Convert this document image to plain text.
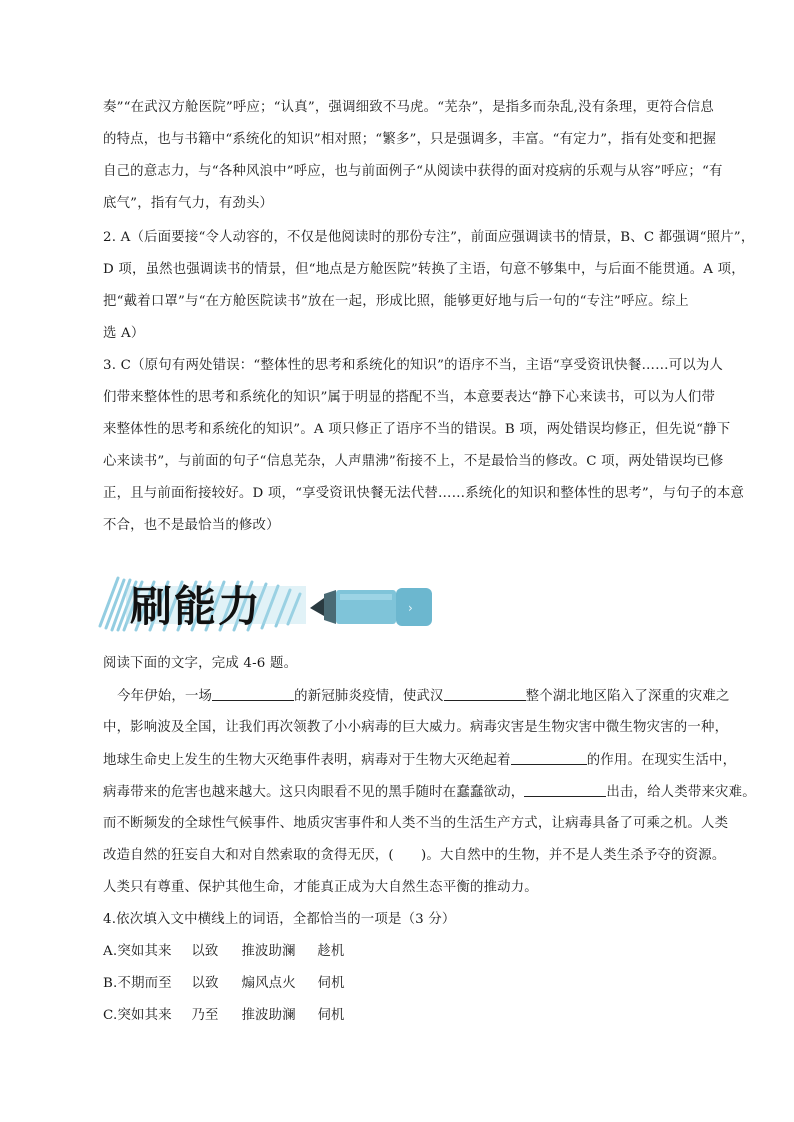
奏”“在武汉方舱医院”呼应；“认真”，强调细致不马虎。“芜杂”，是指多而杂乱,没有条理，更符合信息
的特点，也与书籍中“系统化的知识”相对照；“繁多”，只是强调多，丰富。“有定力”，指有处变和把握
自己的意志力，与“各种风浪中”呼应，也与前面例子“从阅读中获得的面对疫病的乐观与从容”呼应；“有
底气”，指有气力，有劲头）
2. A（后面要接“令人动容的，不仅是他阅读时的那份专注”，前面应强调读书的情景，B、C 都强调“照片”，
D 项，虽然也强调读书的情景，但“地点是方舱医院”转换了主语，句意不够集中，与后面不能贯通。A 项，
把“戴着口罩”与“在方舱医院读书”放在一起，形成比照，能够更好地与后一句的“专注”呼应。综上
选 A）
3. C（原句有两处错误：“整体性的思考和系统化的知识”的语序不当，主语“享受资讯快餐……可以为人
们带来整体性的思考和系统化的知识”属于明显的搭配不当，本意要表达“静下心来读书，可以为人们带
来整体性的思考和系统化的知识”。A 项只修正了语序不当的错误。B 项，两处错误均修正，但先说“静下
心来读书”，与前面的句子“信息芜杂，人声鼎沸”衔接不上，不是最恰当的修改。C 项，两处错误均已修
正，且与前面衔接较好。D 项，“享受资讯快餐无法代替……系统化的知识和整体性的思考”，与句子的本意
不合，也不是最恰当的修改）
›
刷能力
阅读下面的文字，完成 4-6 题。
今年伊始，一场	的新冠肺炎疫情，使武汉	整个湖北地区陷入了深重的灾难之
中，影响波及全国，让我们再次领教了小小病毒的巨大威力。病毒灾害是生物灾害中微生物灾害的一种，
地球生命史上发生的生物大灭绝事件表明，病毒对于生物大灭绝起着	的作用。在现实生活中，
病毒带来的危害也越来越大。这只肉眼看不见的黑手随时在蠢蠢欲动，	出击，给人类带来灾难。
而不断频发的全球性气候事件、地质灾害事件和人类不当的生活生产方式，让病毒具备了可乘之机。人类
改造自然的狂妄自大和对自然索取的贪得无厌，(　　)。大自然中的生物，并不是人类生杀予夺的资源。
人类只有尊重、保护其他生命，才能真正成为大自然生态平衡的推动力。
4.依次填入文中横线上的词语，全都恰当的一项是（3 分）
A.突如其来 以致 推波助澜 趁机
B.不期而至 以致 煽风点火 伺机
C.突如其来 乃至 推波助澜 伺机
